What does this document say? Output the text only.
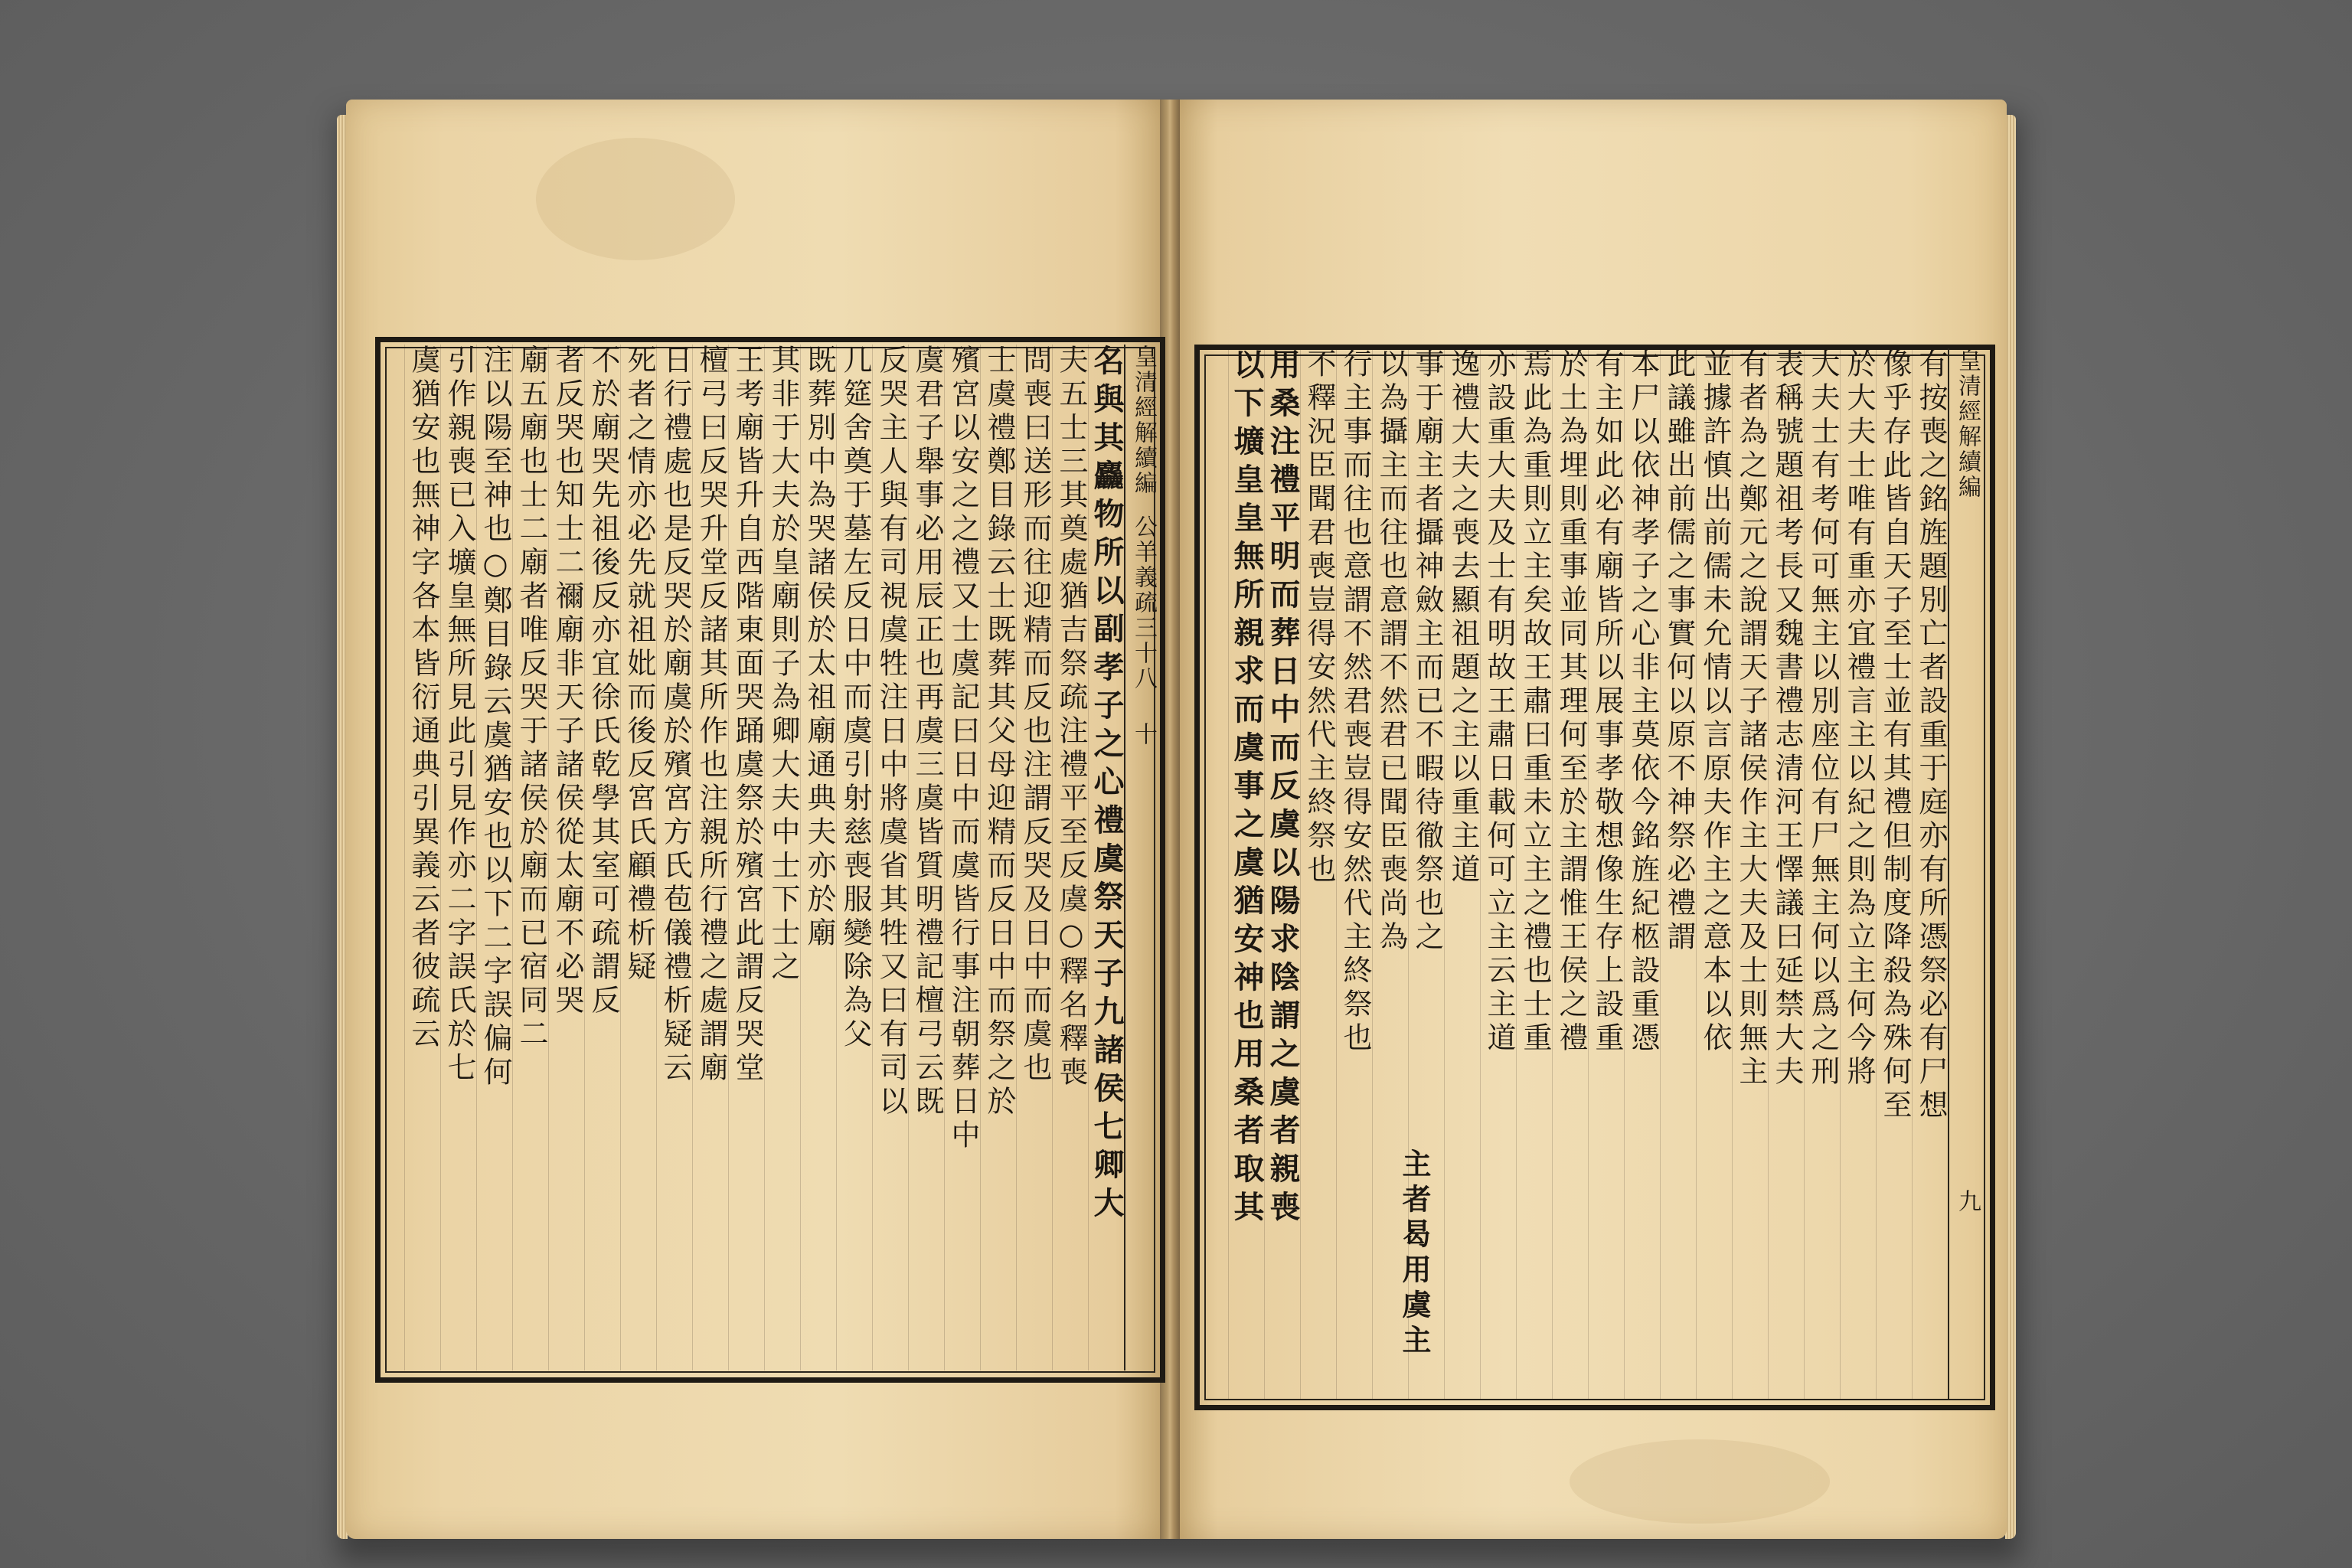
皇清經解續編
公羊義疏三十八
十
名與其麤物所以副孝子之心禮虞祭天子九諸侯七卿大
夫五士三其奠處猶吉祭疏注禮平至反虞○釋名釋喪
問喪曰送形而往迎精而反也注謂反哭及日中而虞也
士虞禮鄭目錄云士既葬其父母迎精而反日中而祭之於
殯宮以安之之禮又士虞記曰日中而虞皆行事注朝葬日中
虞君子舉事必用辰正也再虞三虞皆質明禮記檀弓云既
反哭主人與有司視虞牲注日中將虞省其牲又曰有司以
几筵舍奠于墓左反日中而虞引射慈喪服變除為父
既葬別中為哭諸侯於太祖廟通典夫亦於廟
其非于大夫於皇廟則子為卿大夫中士下士之
王考廟皆升自西階東面哭踊虞祭於殯宮此謂反哭堂
檀弓曰反哭升堂反諸其所作也注親所行禮之處謂廟
日行禮處也是反哭於廟虞於殯宮方氏苞儀禮析疑云
死者之情亦必先就祖妣而後反宮氏顧禮析疑
不於廟哭先祖後反亦宜徐氏乾學其室可疏謂反
者反哭也知士二禰廟非天子諸侯從太廟不必哭
廟五廟也士二廟者唯反哭于諸侯於廟而已宿同二
注以陽至神也○鄭目錄云虞猶安也以下二字誤偏何
引作親喪已入壙皇無所見此引見作亦二字誤氏於七
虞猶安也無神字各本皆衍通典引異義云者彼疏云	皇清經解續編
九
有按喪之銘旌題別亡者設重于庭亦有所憑祭必有尸想
像乎存此皆自天子至士並有其禮但制度降殺為殊何至
於大夫士唯有重亦宜禮言主以紀之則為立主何今將
大夫士有考何可無主以別座位有尸無主何以爲之刑
表稱號題祖考長又魏書禮志清河王懌議曰延禁大夫
有者為之鄭元之說謂天子諸侯作主大夫及士則無主
並據許慎出前儒未允情以言原夫作主之意本以依
此議雖出前儒之事實何以原不神祭必禮謂
本尸以依神孝子之心非主莫依今銘旌紀柩設重憑
有主如此必有廟皆所以展事孝敬想像生存上設重
於土為埋則重事並同其理何至於主謂惟王侯之禮
焉此為重則立主矣故王肅曰重未立主之禮也士重
亦設重大夫及士有明故王肅日載何可立主云主道
逸禮大夫之喪去顯祖題之主以重主道
事于廟主者攝神斂主而已不暇待徹祭也之
以為攝主而往也意謂不然君已聞臣喪尚為
行主事而往也意謂不然君喪豈得安然代主終祭也
不釋況臣聞君喪豈得安然代主終祭也
用桑注禮平明而葬日中而反虞以陽求陰謂之虞者親喪
以下壙皇皇無所親求而虞事之虞猶安神也用桑者取其
主者曷用虞主
